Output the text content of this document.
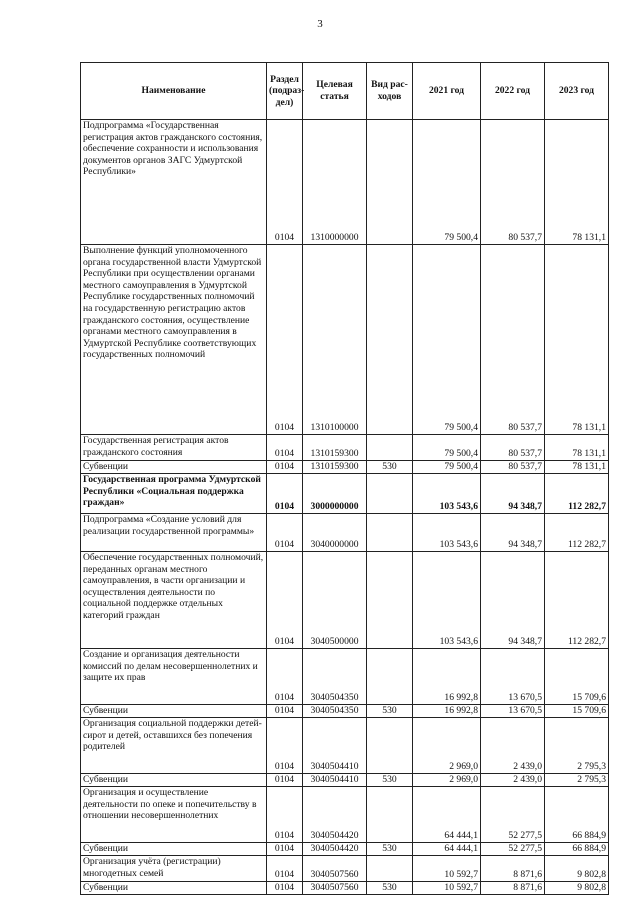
3
Наименование	Раздел (подраз-дел)	Целевая статья	Вид рас-ходов	2021 год	2022 год	2023 год
Подпрограмма «Государственная регистрация актов гражданского состояния, обеспечение сохранности и использования документов органов ЗАГС Удмуртской Республики»	0104	1310000000		79 500,4	80 537,7	78 131,1
Выполнение функций уполномоченного органа государственной власти Удмуртской Республики при осуществлении органами местного самоуправления в Удмуртской Республике государственных полномочий на государственную регистрацию актов гражданского состояния, осуществление органами местного самоуправления в Удмуртской Республике соответствующих государственных полномочий	0104	1310100000		79 500,4	80 537,7	78 131,1
Государственная регистрация актов гражданского состояния	0104	1310159300		79 500,4	80 537,7	78 131,1
Субвенции	0104	1310159300	530	79 500,4	80 537,7	78 131,1
Государственная программа Удмуртской Республики «Социальная поддержка граждан»	0104	3000000000		103 543,6	94 348,7	112 282,7
Подпрограмма «Создание условий для реализации государственной программы»	0104	3040000000		103 543,6	94 348,7	112 282,7
Обеспечение государственных полномочий, переданных органам местного самоуправления, в части организации и осуществления деятельности по социальной поддержке отдельных категорий граждан	0104	3040500000		103 543,6	94 348,7	112 282,7
Создание и организация деятельности комиссий по делам несовершеннолетних и защите их прав	0104	3040504350		16 992,8	13 670,5	15 709,6
Субвенции	0104	3040504350	530	16 992,8	13 670,5	15 709,6
Организация социальной поддержки детей-сирот и детей, оставшихся без попечения родителей	0104	3040504410		2 969,0	2 439,0	2 795,3
Субвенции	0104	3040504410	530	2 969,0	2 439,0	2 795,3
Организация и осуществление деятельности по опеке и попечительству в отношении несовершеннолетних	0104	3040504420		64 444,1	52 277,5	66 884,9
Субвенции	0104	3040504420	530	64 444,1	52 277,5	66 884,9
Организация учёта (регистрации) многодетных семей	0104	3040507560		10 592,7	8 871,6	9 802,8
Субвенции	0104	3040507560	530	10 592,7	8 871,6	9 802,8
